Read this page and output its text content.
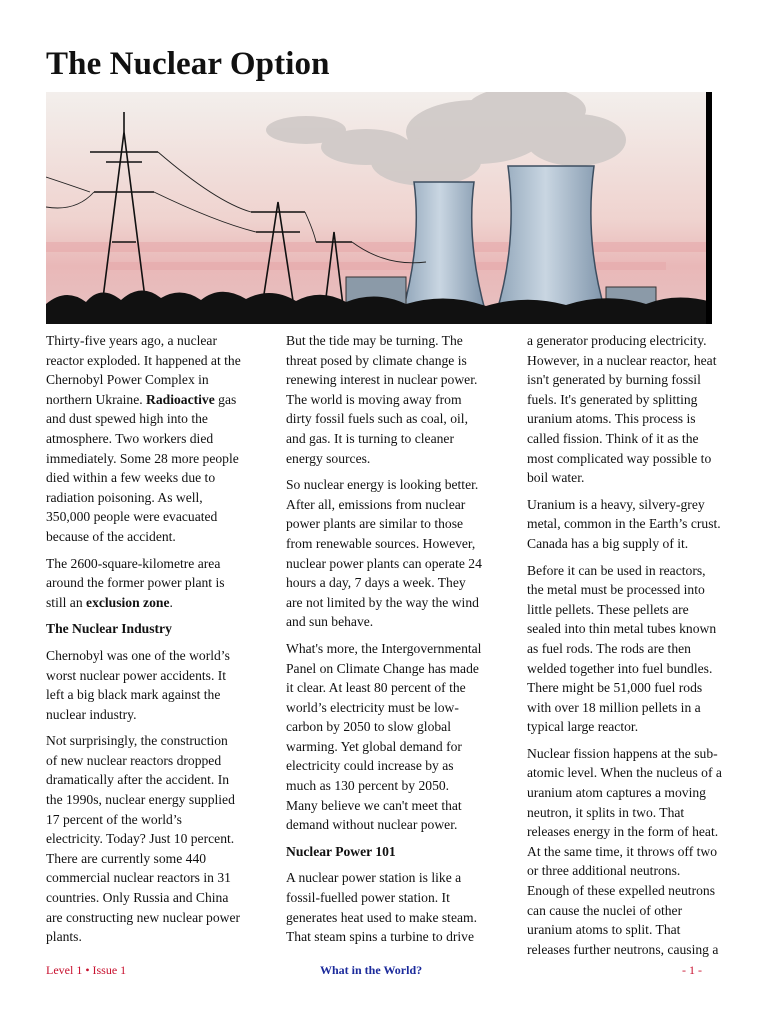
The Nuclear Option

Thirty-five years ago, a nuclear reactor exploded. It happened at the Chernobyl Power Complex in northern Ukraine. Radioactive gas and dust spewed high into the atmosphere. Two workers died immediately. Some 28 more people died within a few weeks due to radiation poisoning. As well, 350,000 people were evacuated because of the accident.

The 2600-square-kilometre area around the former power plant is still an exclusion zone.

The Nuclear Industry

Chernobyl was one of the world’s worst nuclear power accidents. It left a big black mark against the nuclear industry.

Not surprisingly, the construction of new nuclear reactors dropped dramatically after the accident. In the 1990s, nuclear energy supplied 17 percent of the world’s electricity. Today? Just 10 percent. There are currently some 440 commercial nuclear reactors in 31 countries. Only Russia and China are constructing new nuclear power plants.

But the tide may be turning. The threat posed by climate change is renewing interest in nuclear power. The world is moving away from dirty fossil fuels such as coal, oil, and gas. It is turning to cleaner energy sources.

So nuclear energy is looking better. After all, emissions from nuclear power plants are similar to those from renewable sources. However, nuclear power plants can operate 24 hours a day, 7 days a week. They are not limited by the way the wind and sun behave.

What's more, the Intergovernmental Panel on Climate Change has made it clear. At least 80 percent of the world’s electricity must be low-carbon by 2050 to slow global warming. Yet global demand for electricity could increase by as much as 130 percent by 2050. Many believe we can't meet that demand without nuclear power.

Nuclear Power 101

A nuclear power station is like a fossil-fuelled power station. It generates heat used to make steam. That steam spins a turbine to drive

a generator producing electricity. However, in a nuclear reactor, heat isn't generated by burning fossil fuels. It's generated by splitting uranium atoms. This process is called fission. Think of it as the most complicated way possible to boil water.

Uranium is a heavy, silvery-grey metal, common in the Earth’s crust. Canada has a big supply of it.

Before it can be used in reactors, the metal must be processed into little pellets. These pellets are sealed into thin metal tubes known as fuel rods. The rods are then welded together into fuel bundles. There might be 51,000 fuel rods with over 18 million pellets in a typical large reactor.

Nuclear fission happens at the sub-atomic level. When the nucleus of a uranium atom captures a moving neutron, it splits in two. That releases energy in the form of heat. At the same time, it throws off two or three additional neutrons. Enough of these expelled neutrons can cause the nuclei of other uranium atoms to split. That releases further neutrons, causing a

Level 1 • Issue 1	What in the World?	- 1 -
